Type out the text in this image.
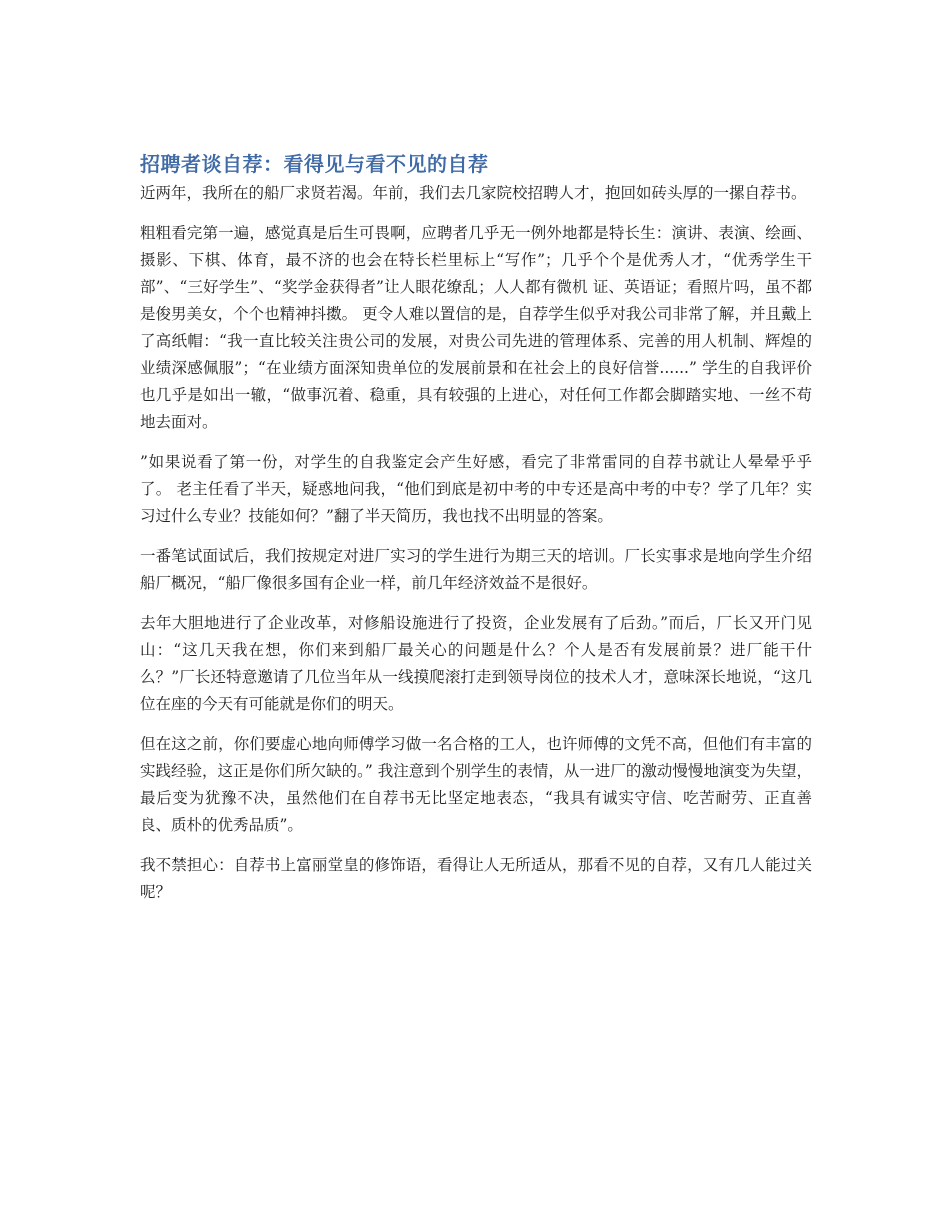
招聘者谈自荐：看得见与看不见的自荐

近两年，我所在的船厂求贤若渴。年前，我们去几家院校招聘人才，抱回如砖头厚的一摞自荐书。

粗粗看完第一遍，感觉真是后生可畏啊，应聘者几乎无一例外地都是特长生：演讲、表演、绘画、摄影、下棋、体育，最不济的也会在特长栏里标上“写作”；几乎个个是优秀人才，“优秀学生干部”、“三好学生”、“奖学金获得者”让人眼花缭乱；人人都有微机 证、英语证；看照片吗，虽不都是俊男美女，个个也精神抖擞。 更令人难以置信的是，自荐学生似乎对我公司非常了解，并且戴上了高纸帽：“我一直比较关注贵公司的发展，对贵公司先进的管理体系、完善的用人机制、辉煌的业绩深感佩服”；“在业绩方面深知贵单位的发展前景和在社会上的良好信誉......” 学生的自我评价也几乎是如出一辙，“做事沉着、稳重，具有较强的上进心，对任何工作都会脚踏实地、一丝不苟地去面对。

”如果说看了第一份，对学生的自我鉴定会产生好感，看完了非常雷同的自荐书就让人晕晕乎乎了。 老主任看了半天，疑惑地问我，“他们到底是初中考的中专还是高中考的中专？学了几年？实习过什么专业？技能如何？”翻了半天简历，我也找不出明显的答案。

一番笔试面试后，我们按规定对进厂实习的学生进行为期三天的培训。厂长实事求是地向学生介绍船厂概况，“船厂像很多国有企业一样，前几年经济效益不是很好。

去年大胆地进行了企业改革，对修船设施进行了投资，企业发展有了后劲。”而后，厂长又开门见山：“这几天我在想，你们来到船厂最关心的问题是什么？个人是否有发展前景？进厂能干什么？”厂长还特意邀请了几位当年从一线摸爬滚打走到领导岗位的技术人才，意味深长地说，“这几位在座的今天有可能就是你们的明天。

但在这之前，你们要虚心地向师傅学习做一名合格的工人，也许师傅的文凭不高，但他们有丰富的实践经验，这正是你们所欠缺的。” 我注意到个别学生的表情，从一进厂的激动慢慢地演变为失望，最后变为犹豫不决，虽然他们在自荐书无比坚定地表态，“我具有诚实守信、吃苦耐劳、正直善良、质朴的优秀品质”。

我不禁担心：自荐书上富丽堂皇的修饰语，看得让人无所适从，那看不见的自荐，又有几人能过关呢？
